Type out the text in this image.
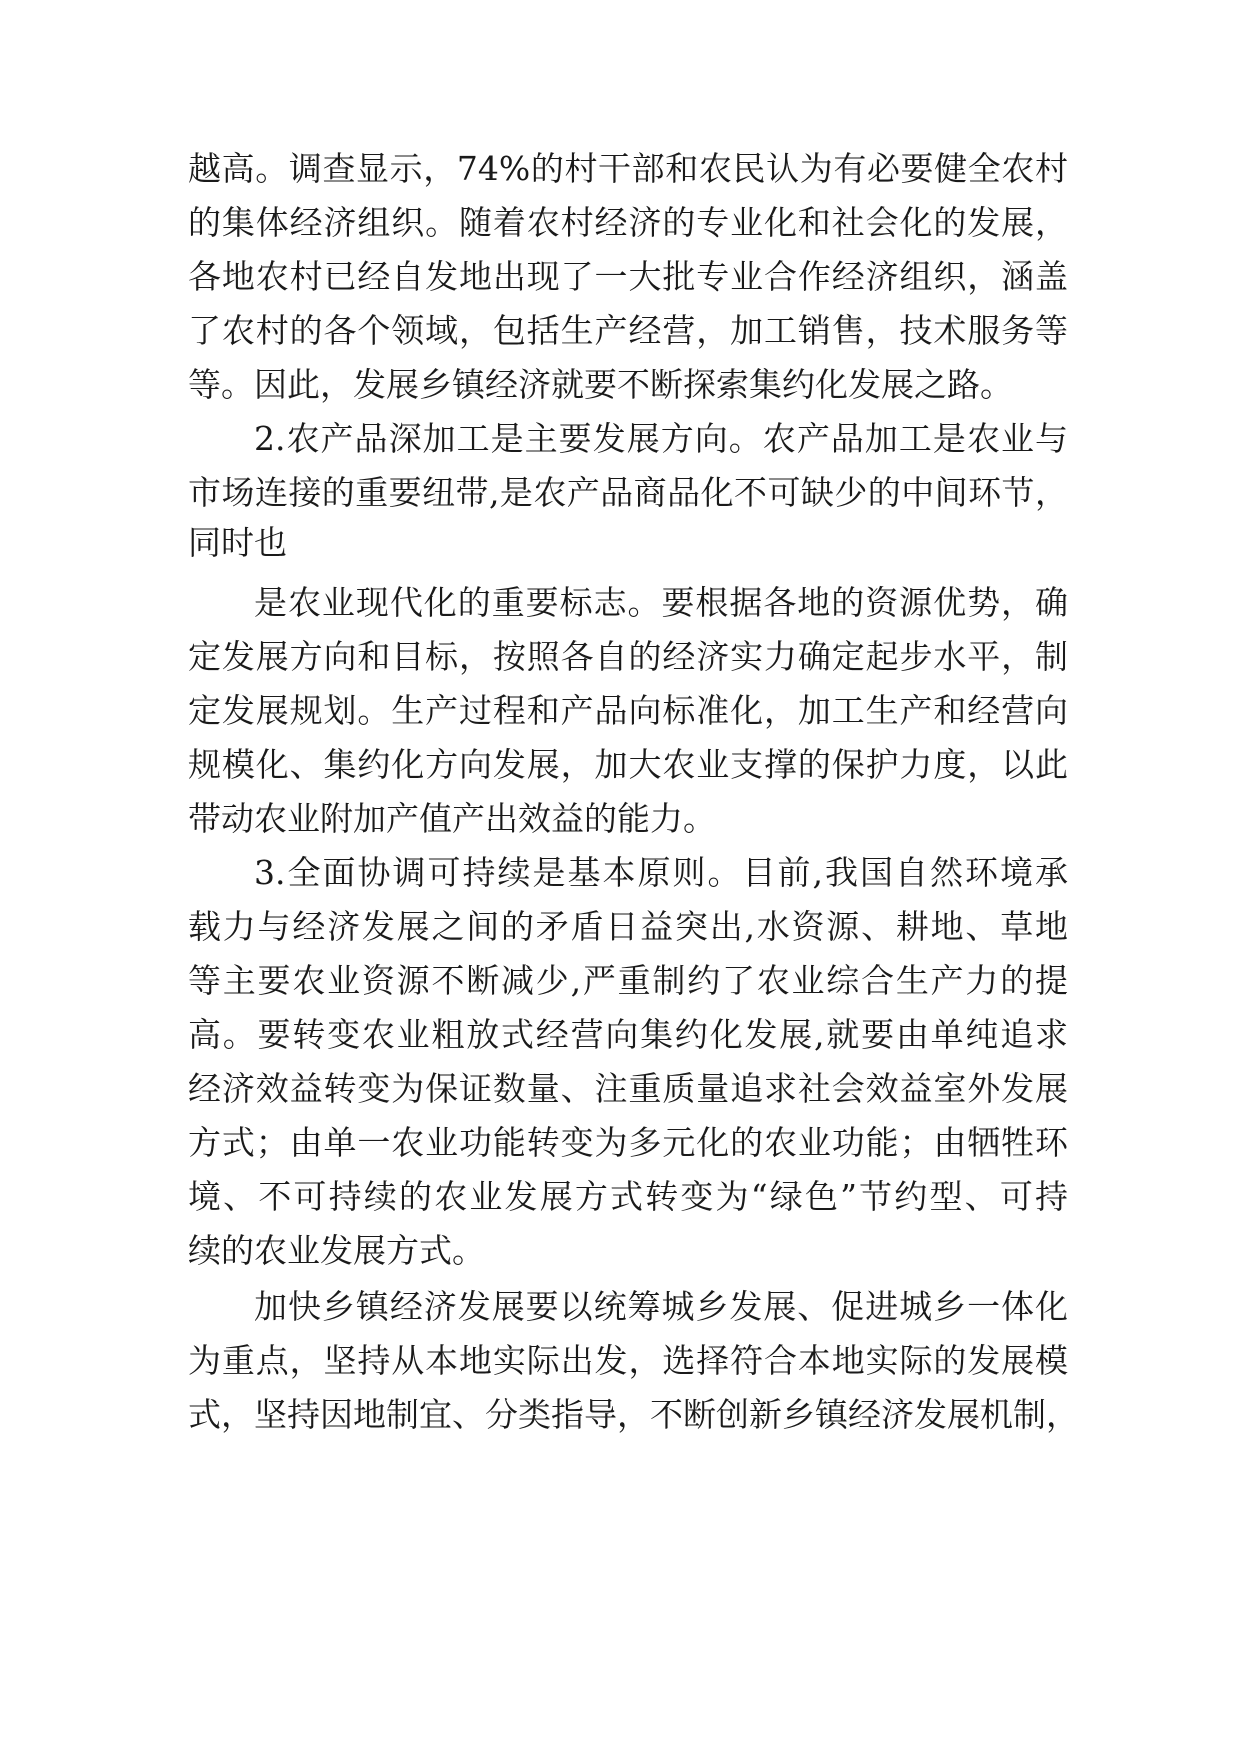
越高。调查显示，74%的村干部和农民认为有必要健全农村
的集体经济组织。随着农村经济的专业化和社会化的发展，
各地农村已经自发地出现了一大批专业合作经济组织，涵盖
了农村的各个领域，包括生产经营，加工销售，技术服务等
等。因此，发展乡镇经济就要不断探索集约化发展之路。
2.农产品深加工是主要发展方向。农产品加工是农业与
市场连接的重要纽带,是农产品商品化不可缺少的中间环节，
同时也
是农业现代化的重要标志。要根据各地的资源优势，确
定发展方向和目标，按照各自的经济实力确定起步水平，制
定发展规划。生产过程和产品向标准化，加工生产和经营向
规模化、集约化方向发展，加大农业支撑的保护力度，以此
带动农业附加产值产出效益的能力。
3.全面协调可持续是基本原则。目前,我国自然环境承
载力与经济发展之间的矛盾日益突出,水资源、耕地、草地
等主要农业资源不断减少,严重制约了农业综合生产力的提
高。要转变农业粗放式经营向集约化发展,就要由单纯追求
经济效益转变为保证数量、注重质量追求社会效益室外发展
方式；由单一农业功能转变为多元化的农业功能；由牺牲环
境、不可持续的农业发展方式转变为“绿色”节约型、可持
续的农业发展方式。
加快乡镇经济发展要以统筹城乡发展、促进城乡一体化
为重点，坚持从本地实际出发，选择符合本地实际的发展模
式，坚持因地制宜、分类指导，不断创新乡镇经济发展机制，
